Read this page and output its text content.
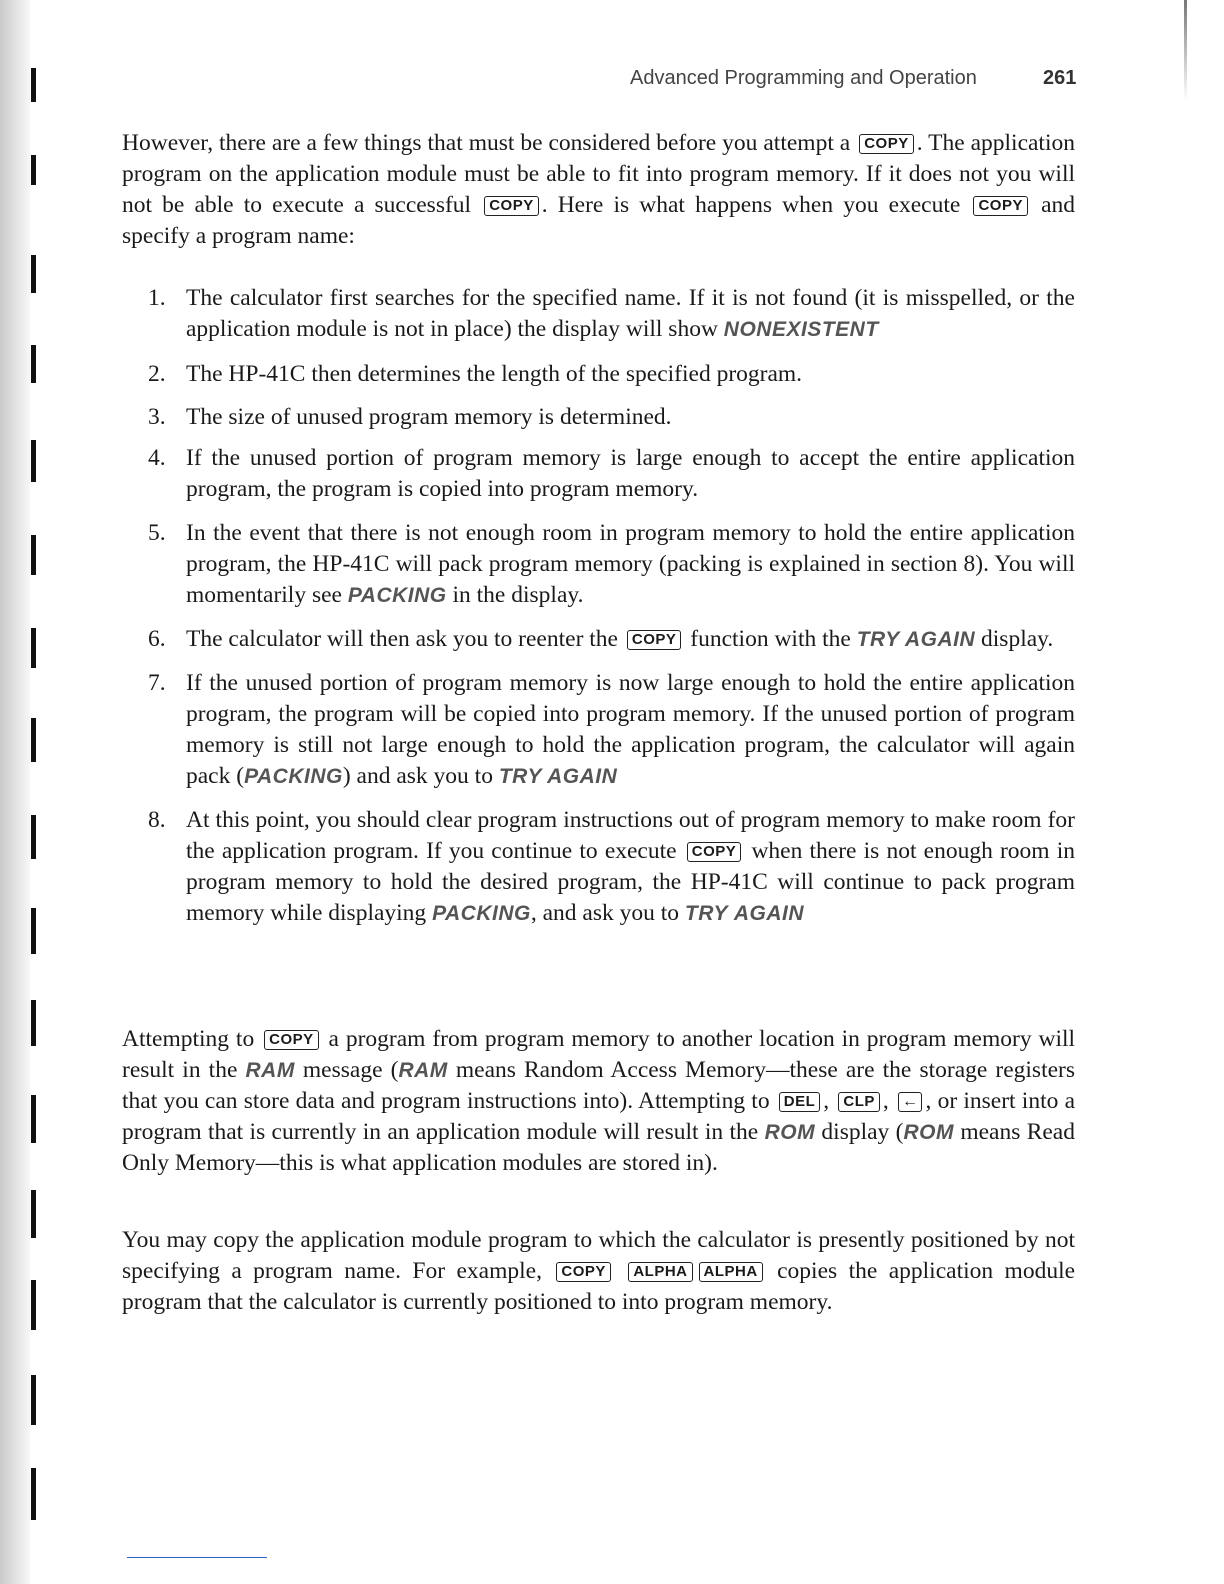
Advanced Programming and Operation	261

However, there are a few things that must be considered before you attempt a COPY . The application program on the application module must be able to fit into program memory. If it does not you will not be able to execute a successful COPY . Here is what happens when you execute COPY and specify a program name:

1. The calculator first searches for the specified name. If it is not found (it is misspelled, or the application module is not in place) the display will show NONEXISTENT
2. The HP-41C then determines the length of the specified program.
3. The size of unused program memory is determined.
4. If the unused portion of program memory is large enough to accept the entire application program, the program is copied into program memory.
5. In the event that there is not enough room in program memory to hold the entire application program, the HP-41C will pack program memory (packing is explained in section 8). You will momentarily see PACKING in the display.
6. The calculator will then ask you to reenter the COPY function with the TRY AGAIN display.
7. If the unused portion of program memory is now large enough to hold the entire application program, the program will be copied into program memory. If the unused portion of program memory is still not large enough to hold the application program, the calculator will again pack (PACKING) and ask you to TRY AGAIN
8. At this point, you should clear program instructions out of program memory to make room for the application program. If you continue to execute COPY when there is not enough room in program memory to hold the desired program, the HP-41C will continue to pack program memory while displaying PACKING, and ask you to TRY AGAIN

Attempting to COPY a program from program memory to another location in program memory will result in the RAM message (RAM means Random Access Memory—these are the storage registers that you can store data and program instructions into). Attempting to DEL , CLP , ← , or insert into a program that is currently in an application module will result in the ROM display (ROM means Read Only Memory—this is what application modules are stored in).

You may copy the application module program to which the calculator is presently positioned by not specifying a program name. For example, COPY ALPHA ALPHA copies the application module program that the calculator is currently positioned to into program memory.
